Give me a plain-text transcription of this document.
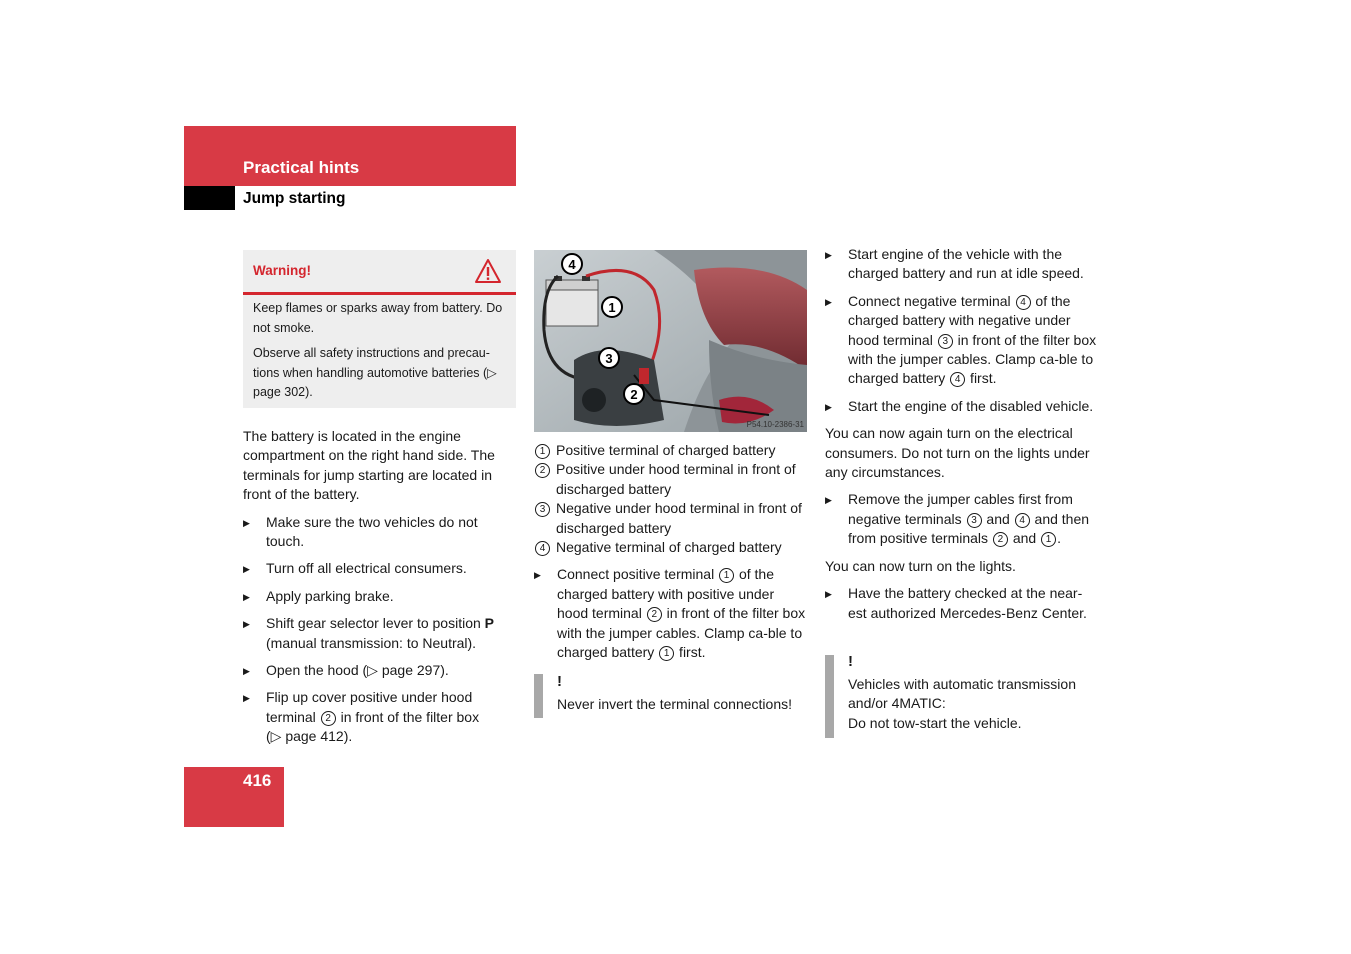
Practical hints
Jump starting
Warning!

Keep flames or sparks away from battery. Do not smoke.

Observe all safety instructions and precau-tions when handling automotive batteries (▷ page 302).

The battery is located in the engine compartment on the right hand side. The terminals for jump starting are located in front of the battery.

▶ Make sure the two vehicles do not touch.

▶ Turn off all electrical consumers.

▶ Apply parking brake.

▶ Shift gear selector lever to position P

(manual transmission: to Neutral).

▶ Open the hood (▷ page 297).

▶ Flip up cover positive under hood terminal 2 in front of the filter box

(▷ page 412).

4
1
3
2
P54.10-2386-31

1 Positive terminal of charged battery

2 Positive under hood terminal in front of discharged battery

3 Negative under hood terminal in front of discharged battery

4 Negative terminal of charged battery

▶ Connect positive terminal 1 of the charged battery with positive under hood terminal 2 in front of the filter box with the jumper cables. Clamp ca-ble to charged battery 1 first.

!
Never invert the terminal connections!

▶ Start engine of the vehicle with the charged battery and run at idle speed.

▶ Connect negative terminal 4 of the charged battery with negative under hood terminal 3 in front of the filter box with the jumper cables. Clamp ca-ble to charged battery 4 first.

▶ Start the engine of the disabled vehicle.

You can now again turn on the electrical consumers. Do not turn on the lights under any circumstances.

▶ Remove the jumper cables first from negative terminals 3 and 4 and then from positive terminals 2 and 1 .

You can now turn on the lights.

▶ Have the battery checked at the near-est authorized Mercedes-Benz Center.

!

Vehicles with automatic transmission

and/or 4MATIC:

Do not tow-start the vehicle.

416
